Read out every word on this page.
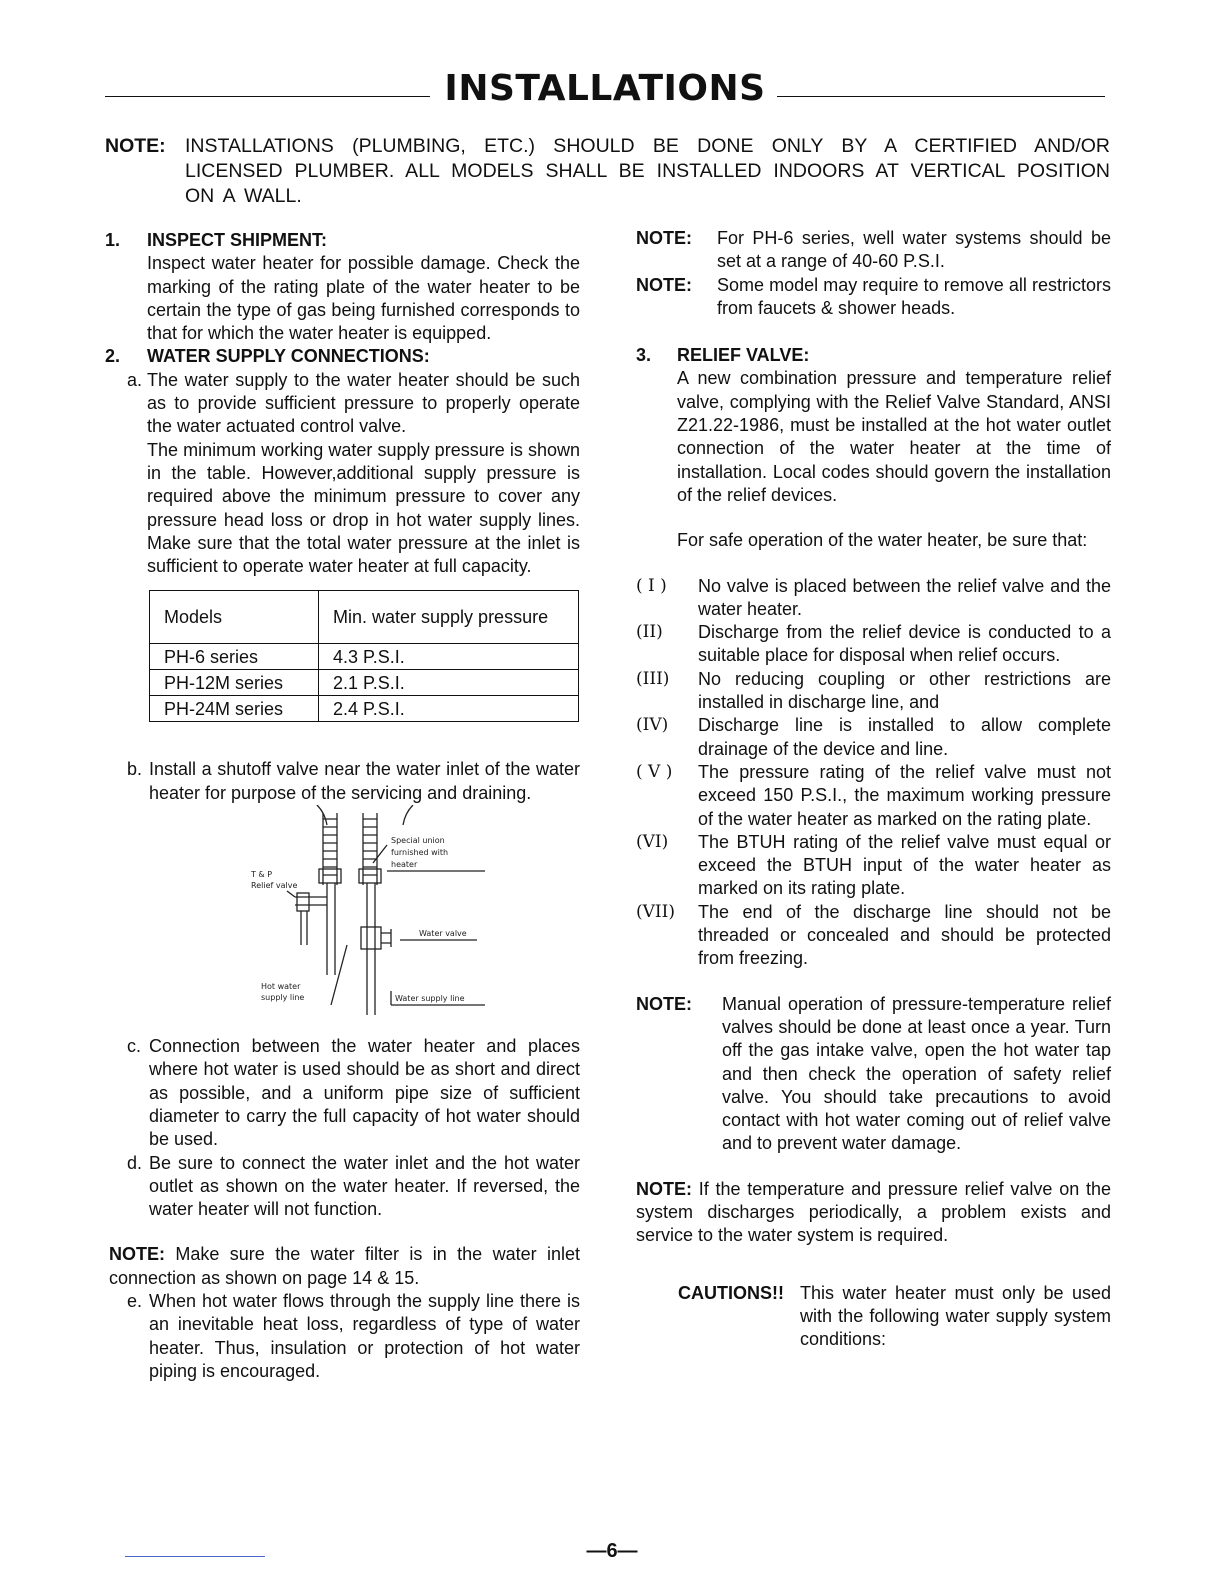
INSTALLATIONS
NOTE: INSTALLATIONS (PLUMBING, ETC.) SHOULD BE DONE ONLY BY A CERTIFIED AND/OR LICENSED PLUMBER. ALL MODELS SHALL BE INSTALLED INDOORS AT VERTICAL POSITION ON A WALL.
1. INSPECT SHIPMENT:
Inspect water heater for possible damage. Check the marking of the rating plate of the water heater to be certain the type of gas being furnished corresponds to that for which the water heater is equipped.
2. WATER SUPPLY CONNECTIONS:
a. The water supply to the water heater should be such as to provide sufficient pressure to properly operate the water actuated control valve.
The minimum working water supply pressure is shown in the table. However,additional supply pressure is required above the minimum pressure to cover any pressure head loss or drop in hot water supply lines. Make sure that the total water pressure at the inlet is sufficient to operate water heater at full capacity.
Models	Min. water supply pressure
PH-6 series	4.3 P.S.I.
PH-12M series	2.1 P.S.I.
PH-24M series	2.4 P.S.I.
b. Install a shutoff valve near the water inlet of the water heater for purpose of the servicing and draining.
Special union
furnished with
heater
T & P
Relief valve
Water valve
Hot water
supply line	Water supply line
c. Connection between the water heater and places where hot water is used should be as short and direct as possible, and a uniform pipe size of sufficient diameter to carry the full capacity of hot water should be used.
d. Be sure to connect the water inlet and the hot water outlet as shown on the water heater. If reversed, the water heater will not function.
NOTE: Make sure the water filter is in the water inlet connection as shown on page 14 & 15.
e. When hot water flows through the supply line there is an inevitable heat loss, regardless of type of water heater. Thus, insulation or protection of hot water piping is encouraged.
NOTE: For PH-6 series, well water systems should be set at a range of 40-60 P.S.I.
NOTE: Some model may require to remove all restrictors from faucets & shower heads.
3. RELIEF VALVE:
A new combination pressure and temperature relief valve, complying with the Relief Valve Standard, ANSI Z21.22-1986, must be installed at the hot water outlet connection of the water heater at the time of installation. Local codes should govern the installation of the relief devices.
For safe operation of the water heater, be sure that:
( I ) No valve is placed between the relief valve and the water heater.
(II) Discharge from the relief device is conducted to a suitable place for disposal when relief occurs.
(III) No reducing coupling or other restrictions are installed in discharge line, and
(IV) Discharge line is installed to allow complete drainage of the device and line.
( V ) The pressure rating of the relief valve must not exceed 150 P.S.I., the maximum working pressure of the water heater as marked on the rating plate.
(VI) The BTUH rating of the relief valve must equal or exceed the BTUH input of the water heater as marked on its rating plate.
(VII) The end of the discharge line should not be threaded or concealed and should be protected from freezing.
NOTE: Manual operation of pressure-temperature relief valves should be done at least once a year. Turn off the gas intake valve, open the hot water tap and then check the operation of safety relief valve. You should take precautions to avoid contact with hot water coming out of relief valve and to prevent water damage.
NOTE: If the temperature and pressure relief valve on the system discharges periodically, a problem exists and service to the water system is required.
CAUTIONS!! This water heater must only be used with the following water supply system conditions:
—6—
